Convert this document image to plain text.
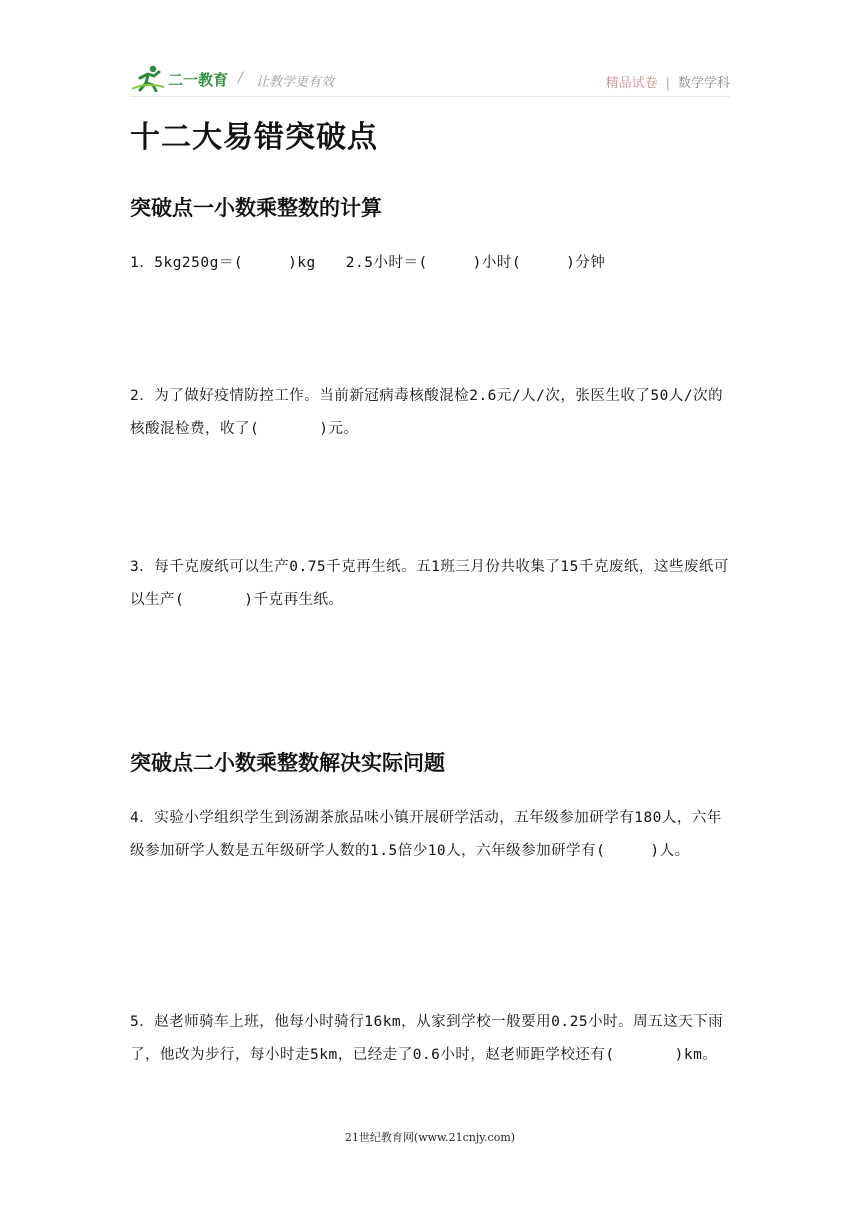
二一教育 / 让教学更有效	精品试卷 | 数学学科
十二大易错突破点
突破点一小数乘整数的计算
1．5kg250g＝(　　　)kg　　2.5小时＝(　　　)小时(　　　)分钟
2．为了做好疫情防控工作。当前新冠病毒核酸混检2.6元/人/次，张医生收了50人/次的核酸混检费，收了(　　　　)元。
3．每千克废纸可以生产0.75千克再生纸。五1班三月份共收集了15千克废纸，这些废纸可以生产(　　　　)千克再生纸。
突破点二小数乘整数解决实际问题
4．实验小学组织学生到汤湖茶旅品味小镇开展研学活动，五年级参加研学有180人，六年级参加研学人数是五年级研学人数的1.5倍少10人，六年级参加研学有(　　　)人。
5．赵老师骑车上班，他每小时骑行16km，从家到学校一般要用0.25小时。周五这天下雨了，他改为步行，每小时走5km，已经走了0.6小时，赵老师距学校还有(　　　　)km。
21世纪教育网(www.21cnjy.com)
